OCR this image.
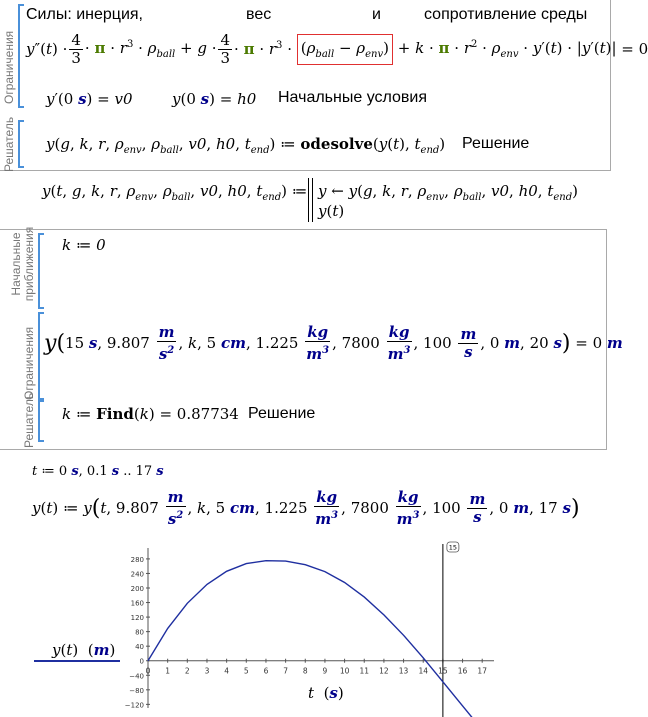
Ограничения
Решатель
Силы: инерция,	вес	и	сопротивление среды
$y''(t) \cdot \frac{4}{3} \cdot \pi \cdot r^3 \cdot \rho_{ball} + g \cdot \frac{4}{3} \cdot \pi \cdot r^3 \cdot (\rho_{ball} - \rho_{env}) + k \cdot \pi \cdot r^2 \cdot \rho_{env} \cdot y'(t) \cdot |y'(t)| = 0$
y′(0 s) = v0	y(0 s) = h0 Начальные условия
y(g, k, r, $\rho_{env}$, $\rho_{ball}$, v0, h0, $t_{end}$) ≔ odesolve(y(t), $t_{end}$) Решение
y(t, g, k, r, $\rho_{env}$, $\rho_{ball}$, v0, h0, $t_{end}$) ≔ y ← y(g, k, r, $\rho_{env}$, $\rho_{ball}$, v0, h0, $t_{end}$)
y(t)
Начальные приближения
Ограничения
Решатель
k ≔ 0
y( 15 s, $9.807 \frac{m}{s^2}$ , k, 5 cm, $1.225 \frac{kg}{m^3}$ , $7800 \frac{kg}{m^3}$ , $100 \frac{m}{s}$ , 0 m, 20 s ) = 0 m
k ≔ Find(k) = 0.87734 Решение
t ≔ 0 s, 0.1 s .. 17 s
y(t) ≔ y ( t, $9.807 \frac{m}{s^2}$ , k, 5 cm, $1.225 \frac{kg}{m^3}$ , $7800 \frac{kg}{m^3}$ , $100 \frac{m}{s}$ , 0 m, 17 s )
y(t)  (m)
0 1 2 3 4 5 6 7 8 9 10 11 12 13 14 15 16 17
−120
−80
−40
0
40
80
120
160
200
240
280
15
t  (s)
